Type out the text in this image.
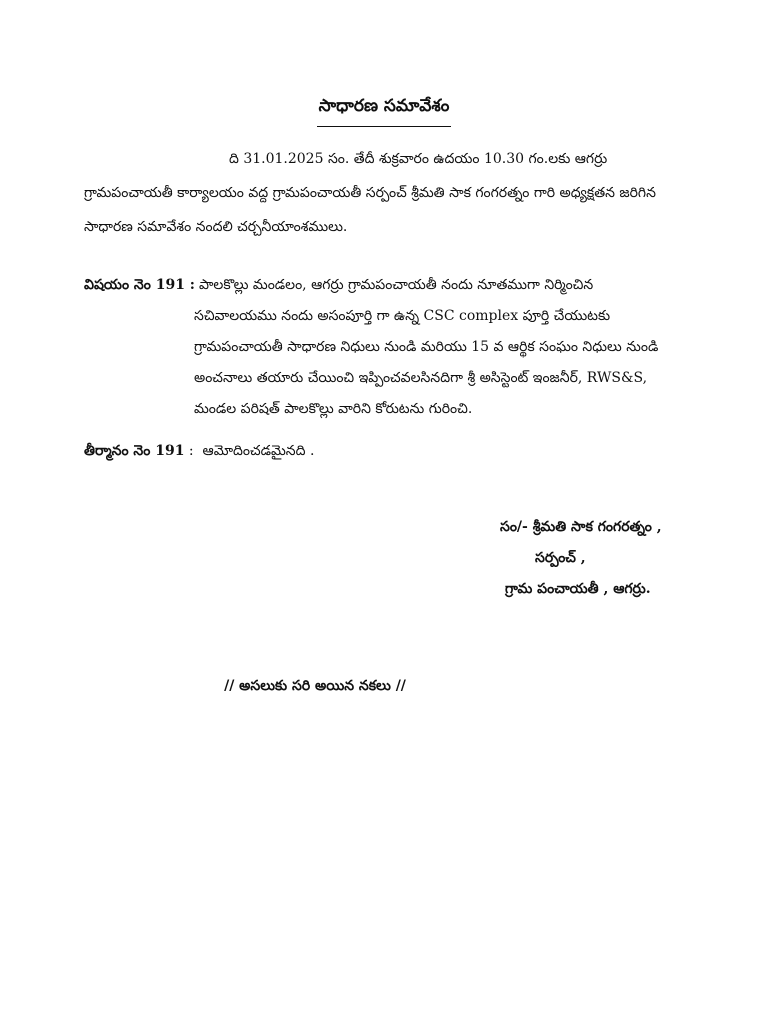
సాధారణ సమావేశం
ది 31.01.2025 సం. తేదీ శుక్రవారం ఉదయం 10.30 గం.లకు ఆగర్రు
గ్రామపంచాయతీ కార్యాలయం వద్ద గ్రామపంచాయతీ సర్పంచ్ శ్రీమతి సాక గంగరత్నం గారి అధ్యక్షతన జరిగిన
సాధారణ సమావేశం నందలి చర్చనీయాంశములు.
విషయం నెం 191 : పాలకొల్లు మండలం, ఆగర్రు గ్రామపంచాయతీ నందు నూతముగా నిర్మించిన
సచివాలయము నందు అసంపూర్తి గా ఉన్న CSC complex పూర్తి చేయుటకు
గ్రామపంచాయతీ సాధారణ నిధులు నుండి మరియు 15 వ ఆర్థిక సంఘం నిధులు నుండి
అంచనాలు తయారు చేయించి ఇప్పించవలసినదిగా శ్రీ అసిస్టెంట్ ఇంజనీర్, RWS&S,
మండల పరిషత్ పాలకొల్లు వారిని కోరుటను గురించి.
తీర్మానం నెం 191 : ఆమోదించడమైనది .
సం/- శ్రీమతి సాక గంగరత్నం ,
సర్పంచ్ ,
గ్రామ పంచాయతీ , ఆగర్రు.
// అసలుకు సరి అయిన నకలు //
